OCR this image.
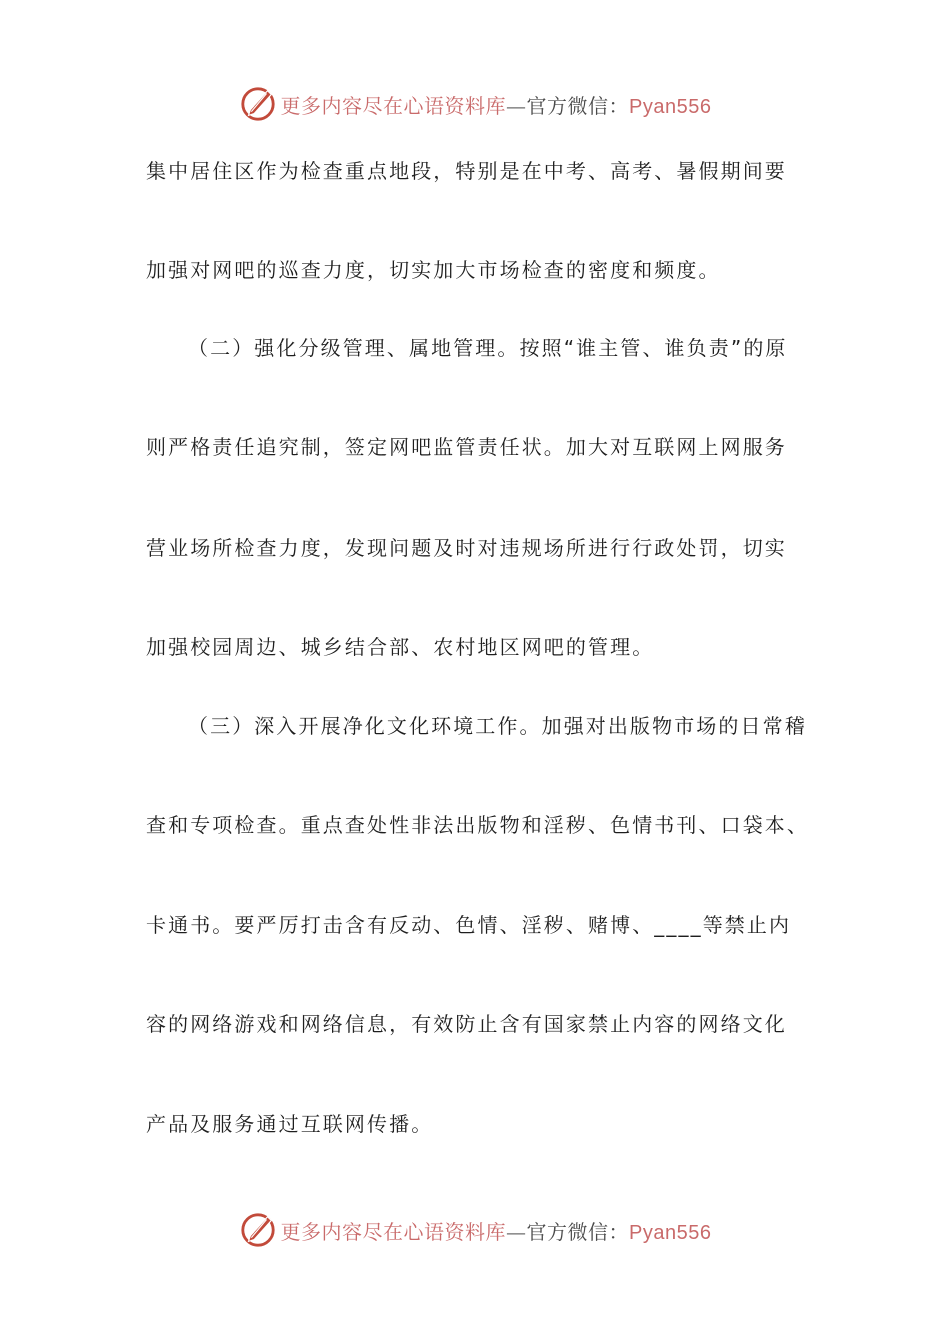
更多内容尽在心语资料库—官方微信：Pyan556
集中居住区作为检查重点地段，特别是在中考、高考、暑假期间要
加强对网吧的巡查力度，切实加大市场检查的密度和频度。
（二）强化分级管理、属地管理。按照“谁主管、谁负责”的原
则严格责任追究制，签定网吧监管责任状。加大对互联网上网服务
营业场所检查力度，发现问题及时对违规场所进行行政处罚，切实
加强校园周边、城乡结合部、农村地区网吧的管理。
（三）深入开展净化文化环境工作。加强对出版物市场的日常稽
查和专项检查。重点查处性非法出版物和淫秽、色情书刊、口袋本、
卡通书。要严厉打击含有反动、色情、淫秽、赌博、____等禁止内
容的网络游戏和网络信息，有效防止含有国家禁止内容的网络文化
产品及服务通过互联网传播。
更多内容尽在心语资料库—官方微信：Pyan556
